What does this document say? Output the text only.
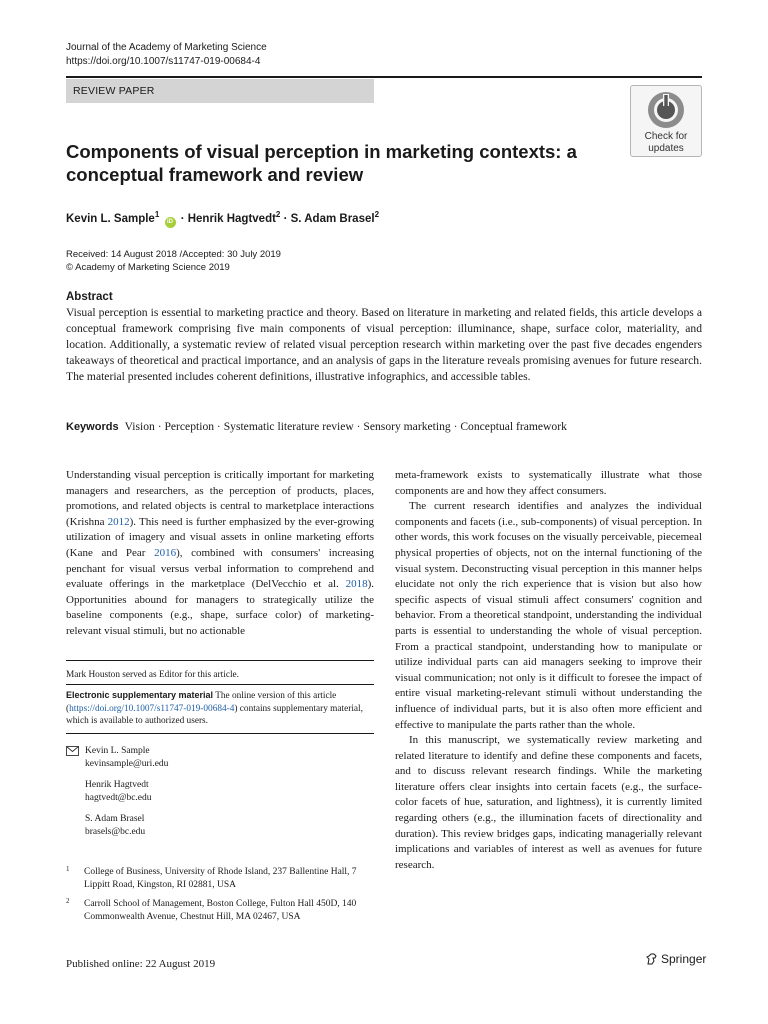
Journal of the Academy of Marketing Science
https://doi.org/10.1007/s11747-019-00684-4
REVIEW PAPER
Check for
updates
Components of visual perception in marketing contexts: a conceptual framework and review
Kevin L. Sample$^1$ iD · Henrik Hagtvedt$^2$ · S. Adam Brasel$^2$
Received: 14 August 2018 /Accepted: 30 July 2019
© Academy of Marketing Science 2019
Abstract
Visual perception is essential to marketing practice and theory. Based on literature in marketing and related fields, this article develops a conceptual framework comprising five main components of visual perception: illuminance, shape, surface color, materiality, and location. Additionally, a systematic review of related visual perception research within marketing over the past five decades engenders takeaways of theoretical and practical importance, and an analysis of gaps in the literature reveals promising avenues for future research. The material presented includes coherent definitions, illustrative infographics, and accessible tables.
Keywords Vision · Perception · Systematic literature review · Sensory marketing · Conceptual framework

Understanding visual perception is critically important for marketing managers and researchers, as the perception of products, places, promotions, and related objects is central to marketplace interactions (Krishna 2012). This need is further emphasized by the ever-growing utilization of imagery and visual assets in online marketing efforts (Kane and Pear 2016), combined with consumers' increasing penchant for visual versus verbal information to comprehend and evaluate offerings in the marketplace (DelVecchio et al. 2018). Opportunities abound for managers to strategically utilize the baseline components (e.g., shape, surface color) of marketing-relevant visual stimuli, but no actionable

Mark Houston served as Editor for this article.
Electronic supplementary material The online version of this article (https://doi.org/10.1007/s11747-019-00684-4) contains supplementary material, which is available to authorized users.
Kevin L. Sample
kevinsample@uri.edu
Henrik Hagtvedt
hagtvedt@bc.edu
S. Adam Brasel
brasels@bc.edu
1 College of Business, University of Rhode Island, 237 Ballentine Hall, 7 Lippitt Road, Kingston, RI 02881, USA
2 Carroll School of Management, Boston College, Fulton Hall 450D, 140 Commonwealth Avenue, Chestnut Hill, MA 02467, USA

meta-framework exists to systematically illustrate what those components are and how they affect consumers.

The current research identifies and analyzes the individual components and facets (i.e., sub-components) of visual perception. In other words, this work focuses on the visually perceivable, piecemeal physical properties of objects, not on the internal functioning of the visual system. Deconstructing visual perception in this manner helps elucidate not only the rich experience that is vision but also how specific aspects of visual stimuli affect consumers' cognition and behavior. From a theoretical standpoint, understanding the individual parts is essential to understanding the whole of visual perception. From a practical standpoint, understanding how to manipulate or utilize individual parts can aid managers seeking to improve their visual communication; not only is it difficult to foresee the impact of entire visual marketing-relevant stimuli without understanding the influence of individual parts, but it is also often more efficient and effective to manipulate the parts rather than the whole.

In this manuscript, we systematically review marketing and related literature to identify and define these components and facets, and to discuss relevant research findings. While the marketing literature offers clear insights into certain facets (e.g., the surface-color facets of hue, saturation, and lightness), it is currently limited regarding others (e.g., the illumination facets of directionality and duration). This review bridges gaps, indicating managerially relevant implications and variables of interest as well as avenues for future research.

Published online: 22 August 2019	Springer
